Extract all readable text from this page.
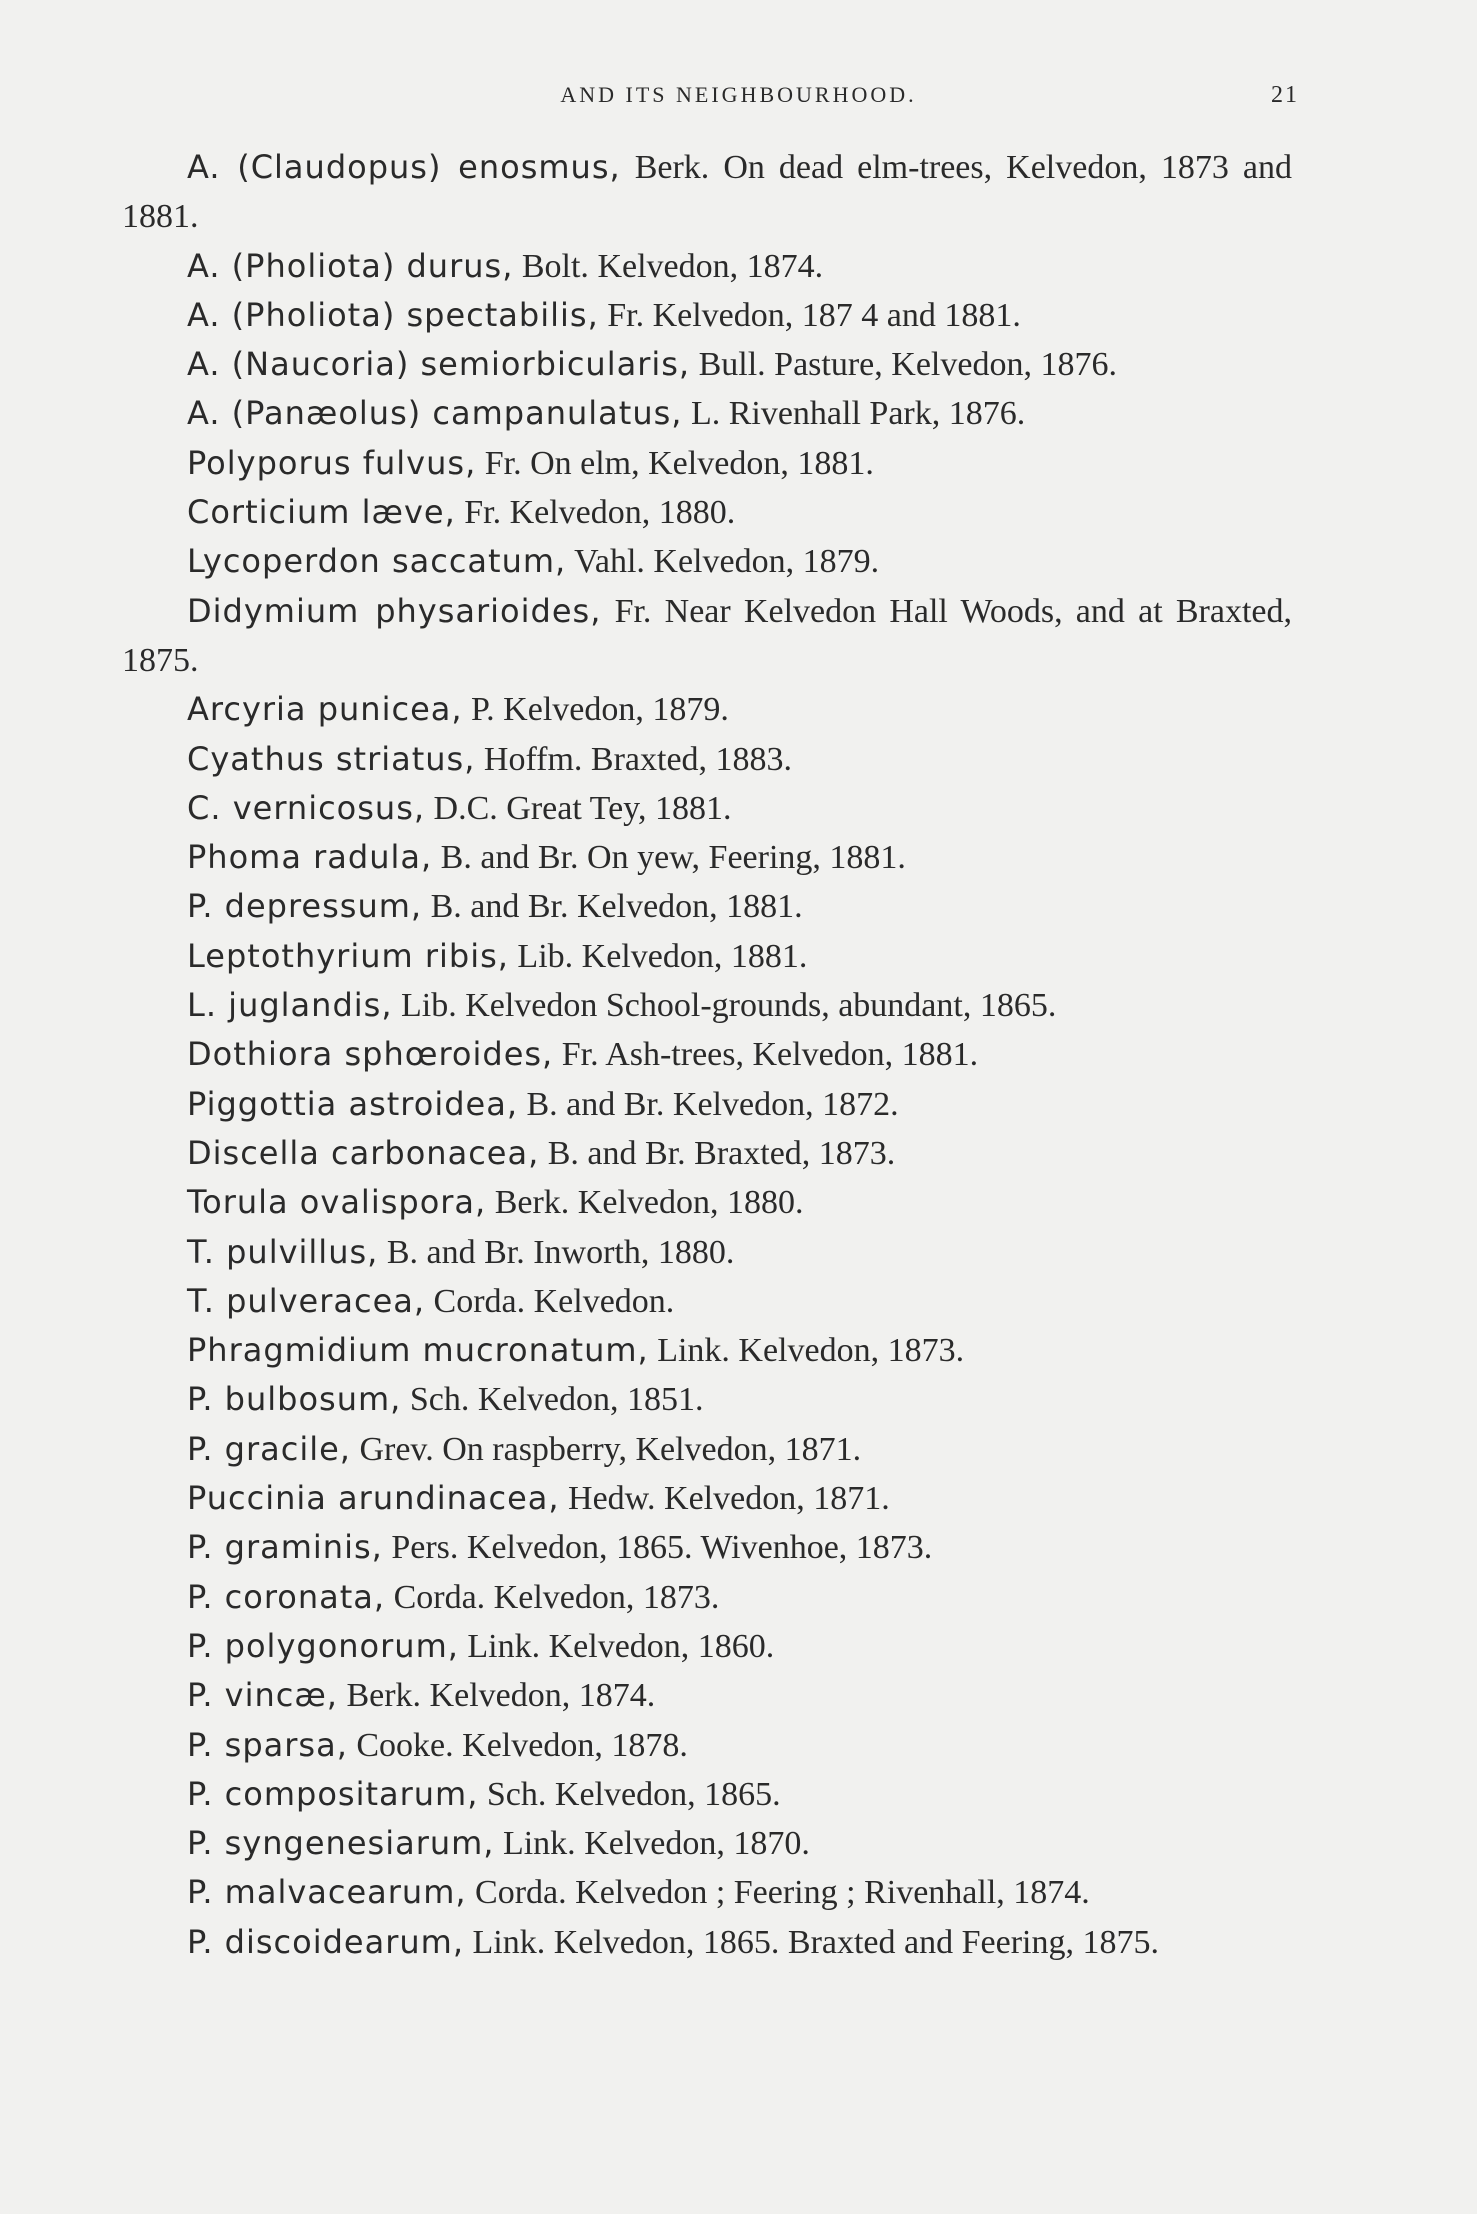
AND ITS NEIGHBOURHOOD.	21

A. (Claudopus) enosmus, Berk. On dead elm-trees, Kelvedon, 1873 and 1881.

A. (Pholiota) durus, Bolt. Kelvedon, 1874.

A. (Pholiota) spectabilis, Fr. Kelvedon, 187 4 and 1881.

A. (Naucoria) semiorbicularis, Bull. Pasture, Kelvedon, 1876.

A. (Panæolus) campanulatus, L. Rivenhall Park, 1876.

Polyporus fulvus, Fr. On elm, Kelvedon, 1881.

Corticium læve, Fr. Kelvedon, 1880.

Lycoperdon saccatum, Vahl. Kelvedon, 1879.

Didymium physarioides, Fr. Near Kelvedon Hall Woods, and at Braxted, 1875.

Arcyria punicea, P. Kelvedon, 1879.

Cyathus striatus, Hoffm. Braxted, 1883.

C. vernicosus, D.C. Great Tey, 1881.

Phoma radula, B. and Br. On yew, Feering, 1881.

P. depressum, B. and Br. Kelvedon, 1881.

Leptothyrium ribis, Lib. Kelvedon, 1881.

L. juglandis, Lib. Kelvedon School-grounds, abundant, 1865.

Dothiora sphœroides, Fr. Ash-trees, Kelvedon, 1881.

Piggottia astroidea, B. and Br. Kelvedon, 1872.

Discella carbonacea, B. and Br. Braxted, 1873.

Torula ovalispora, Berk. Kelvedon, 1880.

T. pulvillus, B. and Br. Inworth, 1880.

T. pulveracea, Corda. Kelvedon.

Phragmidium mucronatum, Link. Kelvedon, 1873.

P. bulbosum, Sch. Kelvedon, 1851.

P. gracile, Grev. On raspberry, Kelvedon, 1871.

Puccinia arundinacea, Hedw. Kelvedon, 1871.

P. graminis, Pers. Kelvedon, 1865. Wivenhoe, 1873.

P. coronata, Corda. Kelvedon, 1873.

P. polygonorum, Link. Kelvedon, 1860.

P. vincæ, Berk. Kelvedon, 1874.

P. sparsa, Cooke. Kelvedon, 1878.

P. compositarum, Sch. Kelvedon, 1865.

P. syngenesiarum, Link. Kelvedon, 1870.

P. malvacearum, Corda. Kelvedon ; Feering ; Rivenhall, 1874.

P. discoidearum, Link. Kelvedon, 1865. Braxted and Feering, 1875.
